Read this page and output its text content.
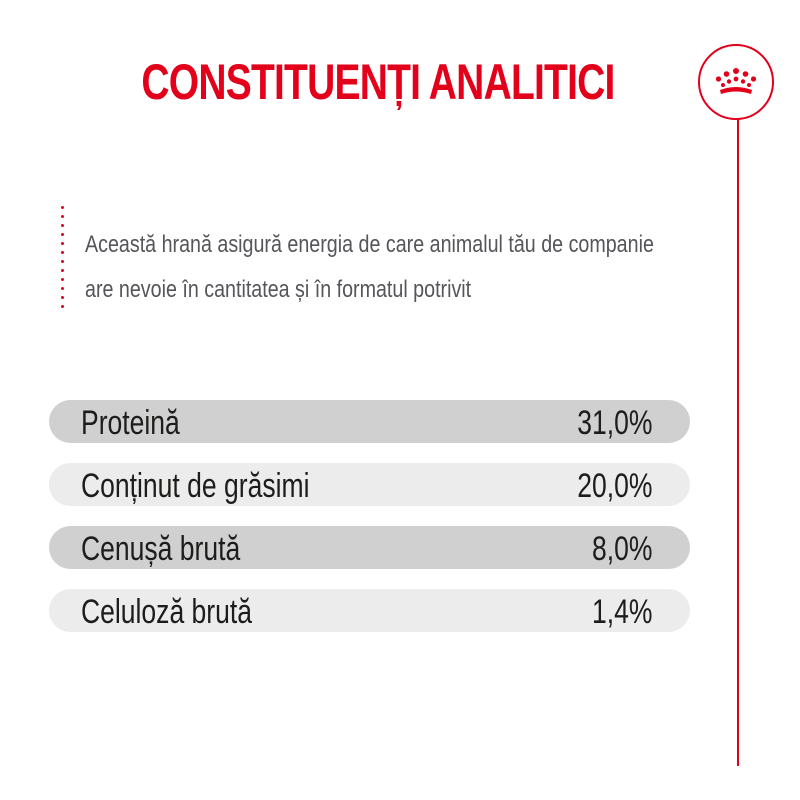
CONSTITUENȚI ANALITICI
Această hrană asigură energia de care animalul tău de companie
are nevoie în cantitatea și în formatul potrivit
Proteină	31,0%
Conținut de grăsimi	20,0%
Cenușă brută	8,0%
Celuloză brută	1,4%
